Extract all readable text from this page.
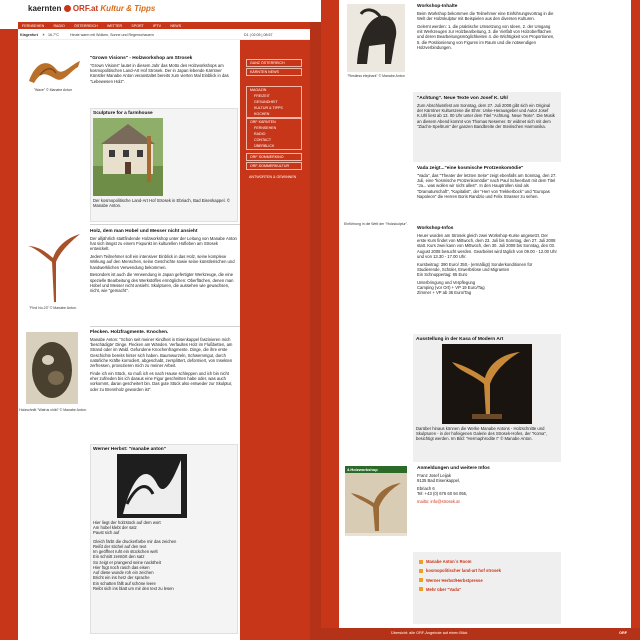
kaernten ORF.at Kultur & Tipps
FERNSEHEN	RADIO	ÖSTERREICH	WETTER	SPORT	IPTV	NEWS
Klagenfurt ☀ 16.7°C	Heute warm mit Wolken, Sonne und Regenschauern	D1 | 02:05 | 08:57
GANZ ÖSTERREICH
KÄRNTEN NEWS
MAGAZIN
FREIZEIT
GESUNDHEIT
KULTUR & TIPPS
KOCHEN
ORF KÄRNTEN
FERNSEHEN
RADIO
CONTACT
ÜBERBLICK
ORF SOMMERKINO
ORF-SOMMERKULTUR
ANTWORTEN & GEWINNEN
"Wave" © Manabe Anton
"Grown Visions" - Holzworkshop am Strosek
"Grown Visions" lautet in diesem Jahr das Motto des Holzworkshops am kosmopolitischen Land-Art Hof Strosek. Der in Japan lebende Kärntner Künstler Manabe Anton veranstaltet bereits zum vierten Mal Einblick in das "Lebewesen Holz".
Sculpture for a farmhouse
Der kosmopolitische Land-Art Hof Strosek in Ebriach, Bad Eisenkappel. © Manabe Anton.
"Find No.23" © Manabe Anton.
Holz, dem man Hobel und Messer nicht ansieht
Der alljährlich stattfindende Holzworkshop unter der Leitung von Manabe Anton hat sich längst zu einem Fixpunkt im kulturellen Hofleben am Strosek entwickelt.
Jedem Teilnehmer soll ein intensiver Einblick in das Holz, seine komplexe Wirkung auf den Menschen, seine Geschichte sowie seine künstlerischen und handwerklichen Verwendung bekommen.
Besonders ist auch die Verwendung in Japan gefertigter Werkzeuge, die eine spezielle Bearbeitung des Werkstoffes ermöglichen: Oberflächen, denen man Hobel und Messer nicht ansieht. Skulpturen, die aussehen wie gewachsen, nicht, wie "gemacht".
Holzschnitt "Walrus child" © Manabe Anton.
Flecken. Holzfragmente. Knochen.
Manabe Anton: "Schon seit meiner Kindheit in Eisenkappel faszinieren mich 'beschädigte' Dinge. Flecken am Wänden. Verfaultes Holz im Flußbetten, am Strand oder im Wald. Gefundene Knochenfragmente. Dinge, die ihre erste Geschichte bereits hinter sich haben. Baumwurzeln, Schwemmgut, durch natürliche Kräfte korrodiert, abgeschabt, zersplittert, deformiert, von Insekten zerfressen, provozieren mich zu meiner Arbeit.
Finde ich ein Stück, so muß ich es nach Hause schleppen und ich bin nicht eher zufrieden bis ich daraus eine Figur geschnitten habe oder, was auch vorkommt, daran gescheitert bin. Das gute Stück also entweder zur Skulptur, oder zu Brennholz geworden ist".
Werner Herbst: "manabe anton"
Hier liegt der holzstock auf dem wort
Am hobel klebt der satz
Paust sich auf
Gleich färbt die druckerfarbe mir das zeichen
Reißt der stichel auf den text
Im geöffnet ruht ein stückchen welt
Ein schnitt zerstört den satz
So zeigt er prangend seine nacktheit
Hier fügt noch rasch das eisen
Auf diese wunde roh ein zeichen
Bricht ein ins herz der sprache
Ein schatten fällt auf schöne leere
Reibt sich ins blatt um mir den text zu lesen
"Restless elephant" © Manabe Anton
Workshop-Inhalte
Beim Workshop bekommen die Teilnehmer eine Einführungsvortrag in die Welt der Holzskulptur mit Beispielen aus den diversen Kulturen.
Gelernt werden: 1. die praktische Umsetzung von Ideen, 2. der Umgang mit Werkzeugen zur Holzbearbeitung, 3. die Vielfalt von Holzoberflächen und deren Bearbeitungsmöglichkeiten 4. die Wichtigkeit von Proportionen, 5. die Positionierung von Figuren im Raum und die notwendigen Holzverbindungen.
"Achtung". Neue Texte von Josef K. Uhl
Zum Abschlussfest am Sonntag, dem 27. Juli 2008 gibt sich ein Original der Kärntner Kulturszene die Ehre: Unke-Herausgeber und Autor Josef K.Uhl liest ab 13. 00 Uhr unter dem Titel "Achtung. Neue Texte". Die Musik an diesem Abend kommt von Thomas Nesemer. Er widmet sich mit dem "Ziachn-Speltrum" der ganzen Bandbreite der Steirischen Harmonika.
Vada zeigt..."eine kosmische Protzenkomödie"
"Vada", das "Theater der letzten Seite" zeigt ebenfalls am Sonntag, den 27. Juli, eine "kosmische Protzenkomödie" nach Paul Scheerbart mit dem Titel "Ja... was wollen wir nicht alles!". In den Hauptrollen sind als "Dramaturschaft", "Kapitalist", der "Herr von Trekkerbock" und "Europas Napoleon" die Herren Boris Randzio und Felix Strasser zu sehen.
Einführung in die Welt der "Holzskulptur".
Workshop-Infos
Heuer wurden am Strosek gleich zwei Workshop-Kurse angesetzt. Der erste Kurs findet von Mittwoch, dem 23. Juli bis Sonntag, den 27. Juli 2008 statt. Kurs zwei kann von Mittwoch, den 30. Juli 2008 bis Sonntag, den 03. August 2008 besucht werden. Gearbeitet wird täglich von 09.00 - 12.00 Uhr und von 13.30 - 17.00 Uhr.
Kursbeitrag: 390 Euro/ 350,- (ermäßigt) Sonderkonditionen für Studierende, Schüler, Erwerbslose und Migranten
Ein Schnuppertag: 85 Euro
Unterbringung und Verpflegung
Camping (vor Ort) + VP 19 Euro/Tag
Zimmer + VP ab 36 Euro/Tag
Ausstellung in der Kasa of Modern Art
Darüber hinaus können die Werke Manabe Antons - Holzschnitte und Skulpturen - in der hofeigenen Galerie des Strosek-Hofes, der "Koma", besichtigt werden. Im Bild: "Hermaphrodite I" © Manabe Anton.
4.Holzworkshop	Anmeldungen und weitere Infos
Franz Josef Leijak
9135 Bad Eisenkappel,
Ebriach 6
Tel: +43 (0) 676 60 94 055,
mailto: info@strosek.at
Manabe Anton´s Room
kosmopolitischer land-art hof strosek
Werner Herbst/Herbstpresse
Mehr über "Vada"
Übersicht: alle ORF-Angebote auf einen Blick	ORF
